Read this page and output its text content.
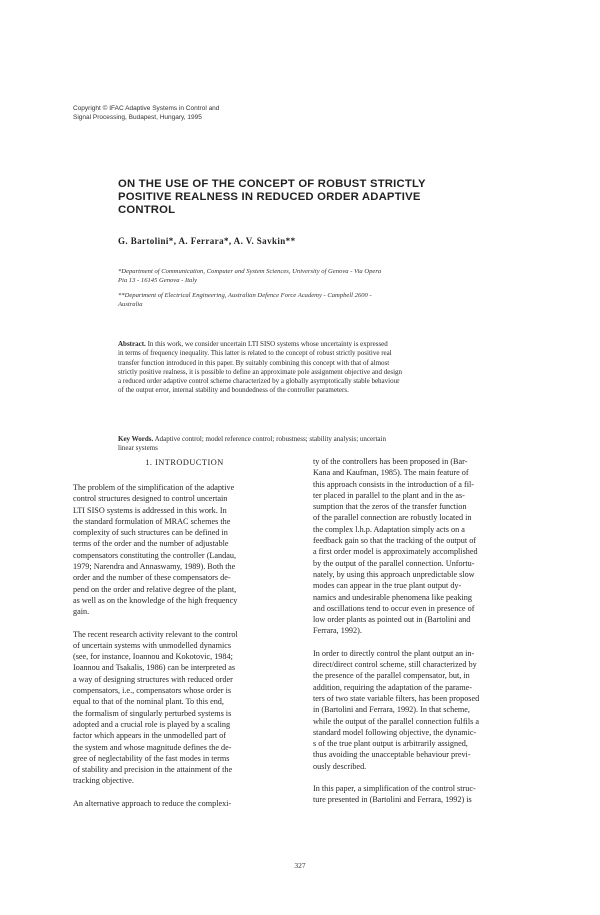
Copyright © IFAC Adaptive Systems in Control and
Signal Processing, Budapest, Hungary, 1995
ON THE USE OF THE CONCEPT OF ROBUST STRICTLY
POSITIVE REALNESS IN REDUCED ORDER ADAPTIVE
CONTROL
G. Bartolini*, A. Ferrara*, A. V. Savkin**
*Department of Communication, Computer and System Sciences, University of Genova - Via Opera
Pia 13 - 16145 Genova - Italy
**Department of Electrical Engineering, Australian Defence Force Academy - Campbell 2600 -
Australia
Abstract. In this work, we consider uncertain LTI SISO systems whose uncertainty is expressed
in terms of frequency inequality. This latter is related to the concept of robust strictly positive real
transfer function introduced in this paper. By suitably combining this concept with that of almost
strictly positive realness, it is possible to define an approximate pole assignment objective and design
a reduced order adaptive control scheme characterized by a globally asymptotically stable behaviour
of the output error, internal stability and boundedness of the controller parameters.
Key Words. Adaptive control; model reference control; robustness; stability analysis; uncertain
linear systems
1. INTRODUCTION
The problem of the simplification of the adaptive
control structures designed to control uncertain
LTI SISO systems is addressed in this work. In
the standard formulation of MRAC schemes the
complexity of such structures can be defined in
terms of the order and the number of adjustable
compensators constituting the controller (Landau,
1979; Narendra and Annaswamy, 1989). Both the
order and the number of these compensators de-
pend on the order and relative degree of the plant,
as well as on the knowledge of the high frequency
gain.
The recent research activity relevant to the control
of uncertain systems with unmodelled dynamics
(see, for instance, Ioannou and Kokotovic, 1984;
Ioannou and Tsakalis, 1986) can be interpreted as
a way of designing structures with reduced order
compensators, i.e., compensators whose order is
equal to that of the nominal plant. To this end,
the formalism of singularly perturbed systems is
adopted and a crucial role is played by a scaling
factor which appears in the unmodelled part of
the system and whose magnitude defines the de-
gree of neglectability of the fast modes in terms
of stability and precision in the attainment of the
tracking objective.
An alternative approach to reduce the complexi-
ty of the controllers has been proposed in (Bar-
Kana and Kaufman, 1985). The main feature of
this approach consists in the introduction of a fil-
ter placed in parallel to the plant and in the as-
sumption that the zeros of the transfer function
of the parallel connection are robustly located in
the complex l.h.p. Adaptation simply acts on a
feedback gain so that the tracking of the output of
a first order model is approximately accomplished
by the output of the parallel connection. Unfortu-
nately, by using this approach unpredictable slow
modes can appear in the true plant output dy-
namics and undesirable phenomena like peaking
and oscillations tend to occur even in presence of
low order plants as pointed out in (Bartolini and
Ferrara, 1992).
In order to directly control the plant output an in-
direct/direct control scheme, still characterized by
the presence of the parallel compensator, but, in
addition, requiring the adaptation of the parame-
ters of two state variable filters, has been proposed
in (Bartolini and Ferrara, 1992). In that scheme,
while the output of the parallel connection fulfils a
standard model following objective, the dynamic-
s of the true plant output is arbitrarily assigned,
thus avoiding the unacceptable behaviour previ-
ously described.
In this paper, a simplification of the control struc-
ture presented in (Bartolini and Ferrara, 1992) is
327
